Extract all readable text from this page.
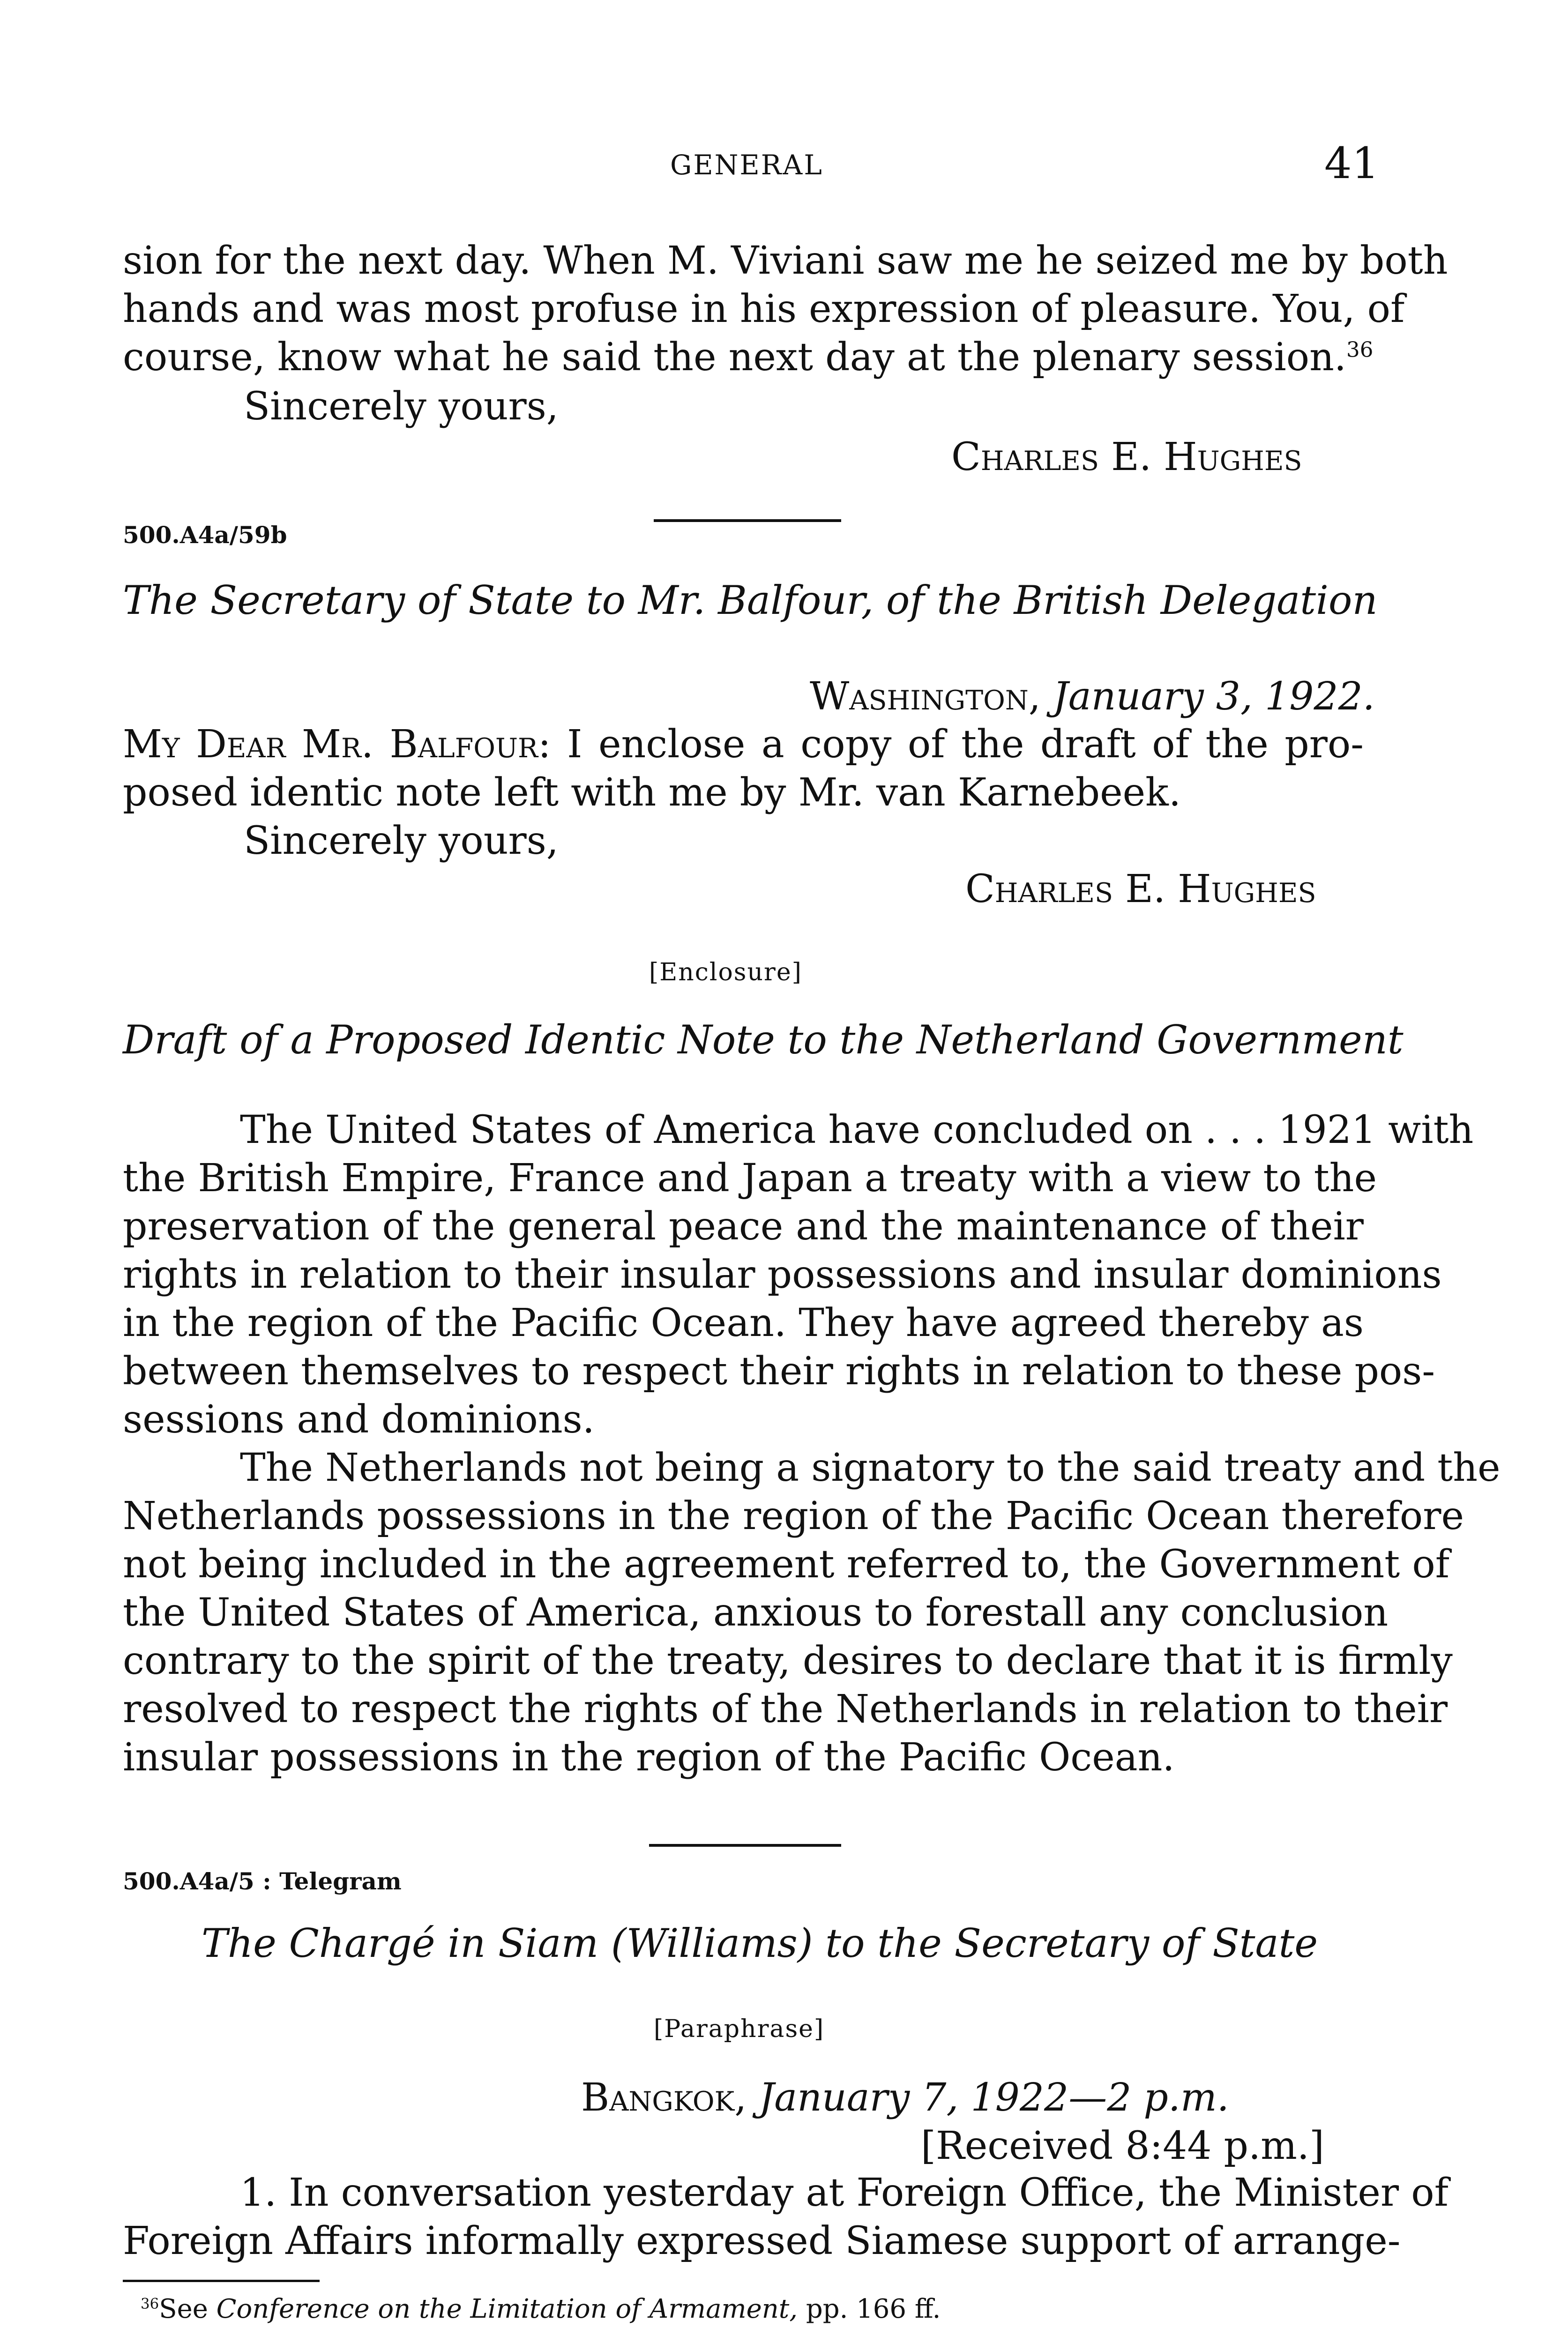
GENERAL	41
sion for the next day. When M. Viviani saw me he seized me by both
hands and was most profuse in his expression of pleasure. You, of
course, know what he said the next day at the plenary session.$^{36}$
Sincerely yours,
Charles E. Hughes
500.A4a/59b
The Secretary of State to Mr. Balfour, of the British Delegation
Washington, January 3, 1922.
My Dear Mr. Balfour: I enclose a copy of the draft of the pro-
posed identic note left with me by Mr. van Karnebeek.
Sincerely yours,
Charles E. Hughes
[Enclosure]
Draft of a Proposed Identic Note to the Netherland Government
The United States of America have concluded on . . . 1921 with
the British Empire, France and Japan a treaty with a view to the
preservation of the general peace and the maintenance of their
rights in relation to their insular possessions and insular dominions
in the region of the Pacific Ocean. They have agreed thereby as
between themselves to respect their rights in relation to these pos-
sessions and dominions.
The Netherlands not being a signatory to the said treaty and the
Netherlands possessions in the region of the Pacific Ocean therefore
not being included in the agreement referred to, the Government of
the United States of America, anxious to forestall any conclusion
contrary to the spirit of the treaty, desires to declare that it is firmly
resolved to respect the rights of the Netherlands in relation to their
insular possessions in the region of the Pacific Ocean.
500.A4a/5 : Telegram
The Chargé in Siam (Williams) to the Secretary of State
[Paraphrase]
Bangkok, January 7, 1922—2 p.m.
[Received 8:44 p.m.]
1. In conversation yesterday at Foreign Office, the Minister of
Foreign Affairs informally expressed Siamese support of arrange-
$^{36}$See Conference on the Limitation of Armament, pp. 166 ff.
